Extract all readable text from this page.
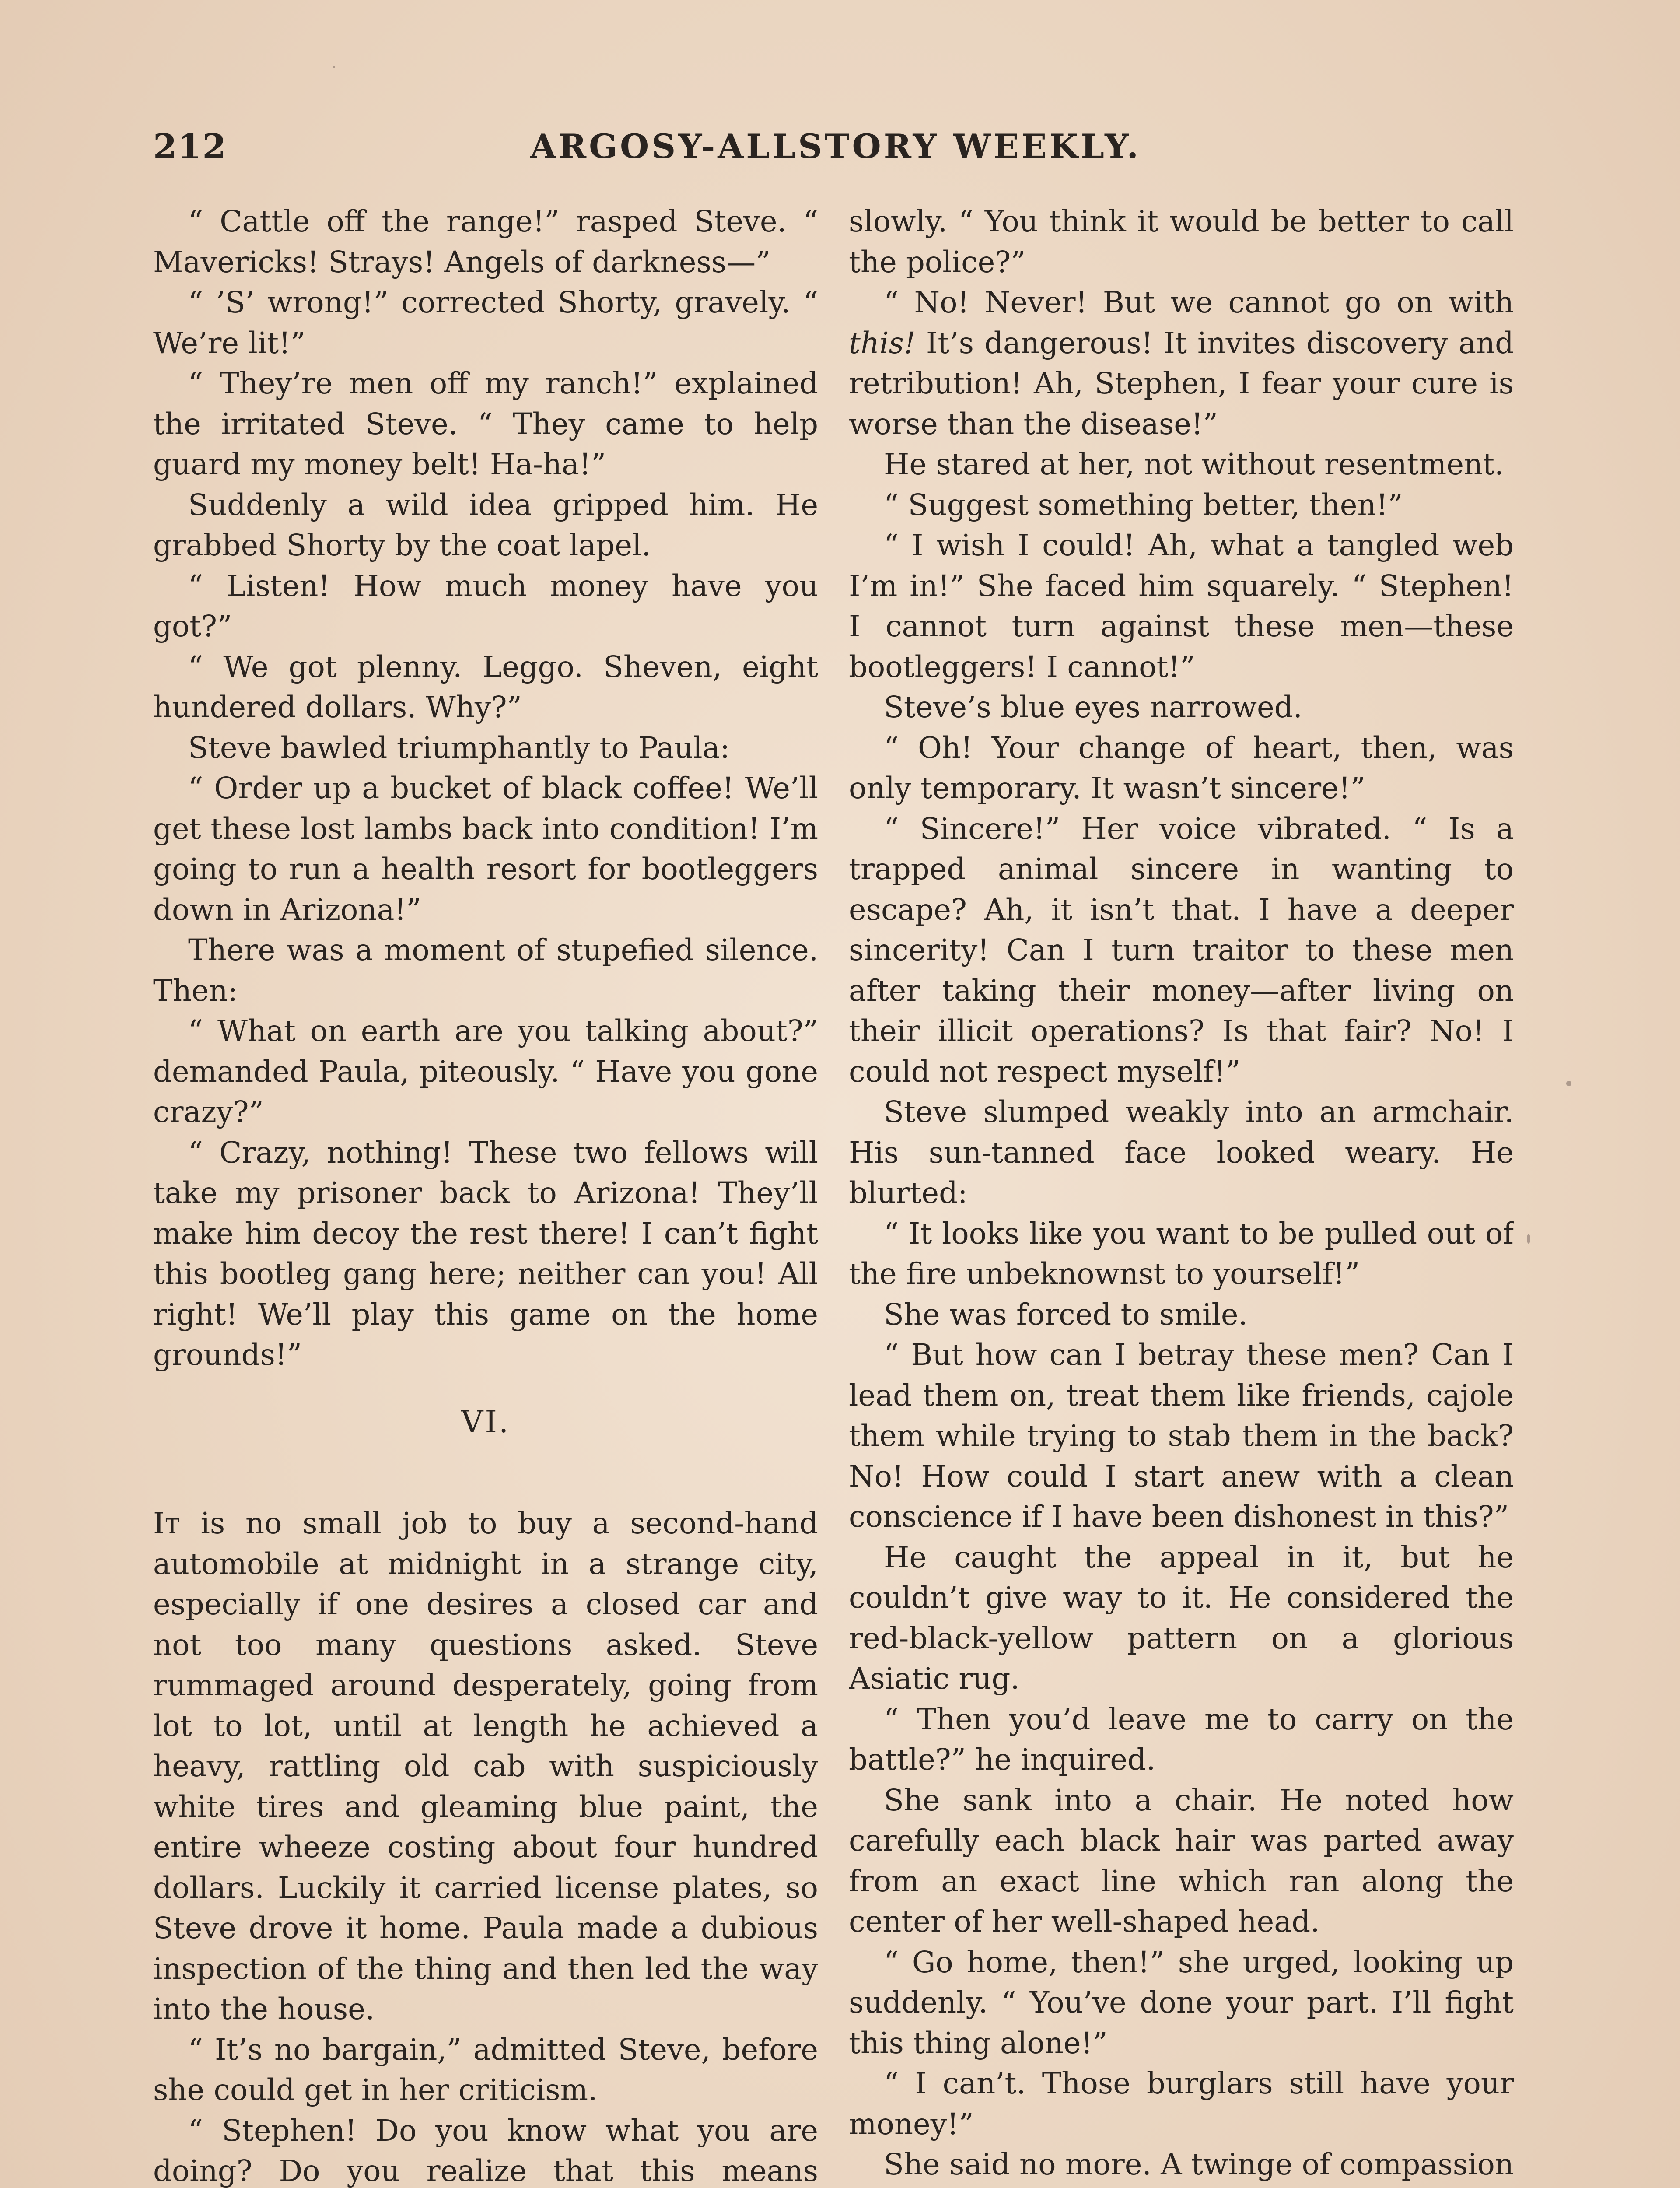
212	ARGOSY-ALLSTORY WEEKLY.

“ Cattle off the range!” rasped Steve. “ Mavericks! Strays! Angels of darkness—”

“ ’S’ wrong!” corrected Shorty, gravely. “ We’re lit!”

“ They’re men off my ranch!” explained the irritated Steve. “ They came to help guard my money belt! Ha-ha!”

Suddenly a wild idea gripped him. He grabbed Shorty by the coat lapel.

“ Listen! How much money have you got?”

“ We got plenny. Leggo. Sheven, eight hundered dollars. Why?”

Steve bawled triumphantly to Paula:

“ Order up a bucket of black coffee! We’ll get these lost lambs back into condition! I’m going to run a health resort for bootleggers down in Arizona!”

There was a moment of stupefied silence. Then:

“ What on earth are you talking about?” demanded Paula, piteously. “ Have you gone crazy?”

“ Crazy, nothing! These two fellows will take my prisoner back to Arizona! They’ll make him decoy the rest there! I can’t fight this bootleg gang here; neither can you! All right! We’ll play this game on the home grounds!”

VI.

It is no small job to buy a second-hand automobile at midnight in a strange city, especially if one desires a closed car and not too many questions asked. Steve rummaged around desperately, going from lot to lot, until at length he achieved a heavy, rattling old cab with suspiciously white tires and gleaming blue paint, the entire wheeze costing about four hundred dollars. Luckily it carried license plates, so Steve drove it home. Paula made a dubious inspection of the thing and then led the way into the house.

“ It’s no bargain,” admitted Steve, before she could get in her criticism.

“ Stephen! Do you know what you are doing? Do you realize that this means

slowly. “ You think it would be better to call the police?”

“ No! Never! But we cannot go on with this! It’s dangerous! It invites discovery and retribution! Ah, Stephen, I fear your cure is worse than the disease!”

He stared at her, not without resentment.

“ Suggest something better, then!”

“ I wish I could! Ah, what a tangled web I’m in!” She faced him squarely. “ Stephen! I cannot turn against these men—these bootleggers! I cannot!”

Steve’s blue eyes narrowed.

“ Oh! Your change of heart, then, was only temporary. It wasn’t sincere!”

“ Sincere!” Her voice vibrated. “ Is a trapped animal sincere in wanting to escape? Ah, it isn’t that. I have a deeper sincerity! Can I turn traitor to these men after taking their money—after living on their illicit operations? Is that fair? No! I could not respect myself!”

Steve slumped weakly into an armchair. His sun-tanned face looked weary. He blurted:

“ It looks like you want to be pulled out of the fire unbeknownst to yourself!”

She was forced to smile.

“ But how can I betray these men? Can I lead them on, treat them like friends, cajole them while trying to stab them in the back? No! How could I start anew with a clean conscience if I have been dishonest in this?”

He caught the appeal in it, but he couldn’t give way to it. He considered the red-black-yellow pattern on a glorious Asiatic rug.

“ Then you’d leave me to carry on the battle?” he inquired.

She sank into a chair. He noted how carefully each black hair was parted away from an exact line which ran along the center of her well-shaped head.

“ Go home, then!” she urged, looking up suddenly. “ You’ve done your part. I’ll fight this thing alone!”

“ I can’t. Those burglars still have your money!”

She said no more. A twinge of compassion
